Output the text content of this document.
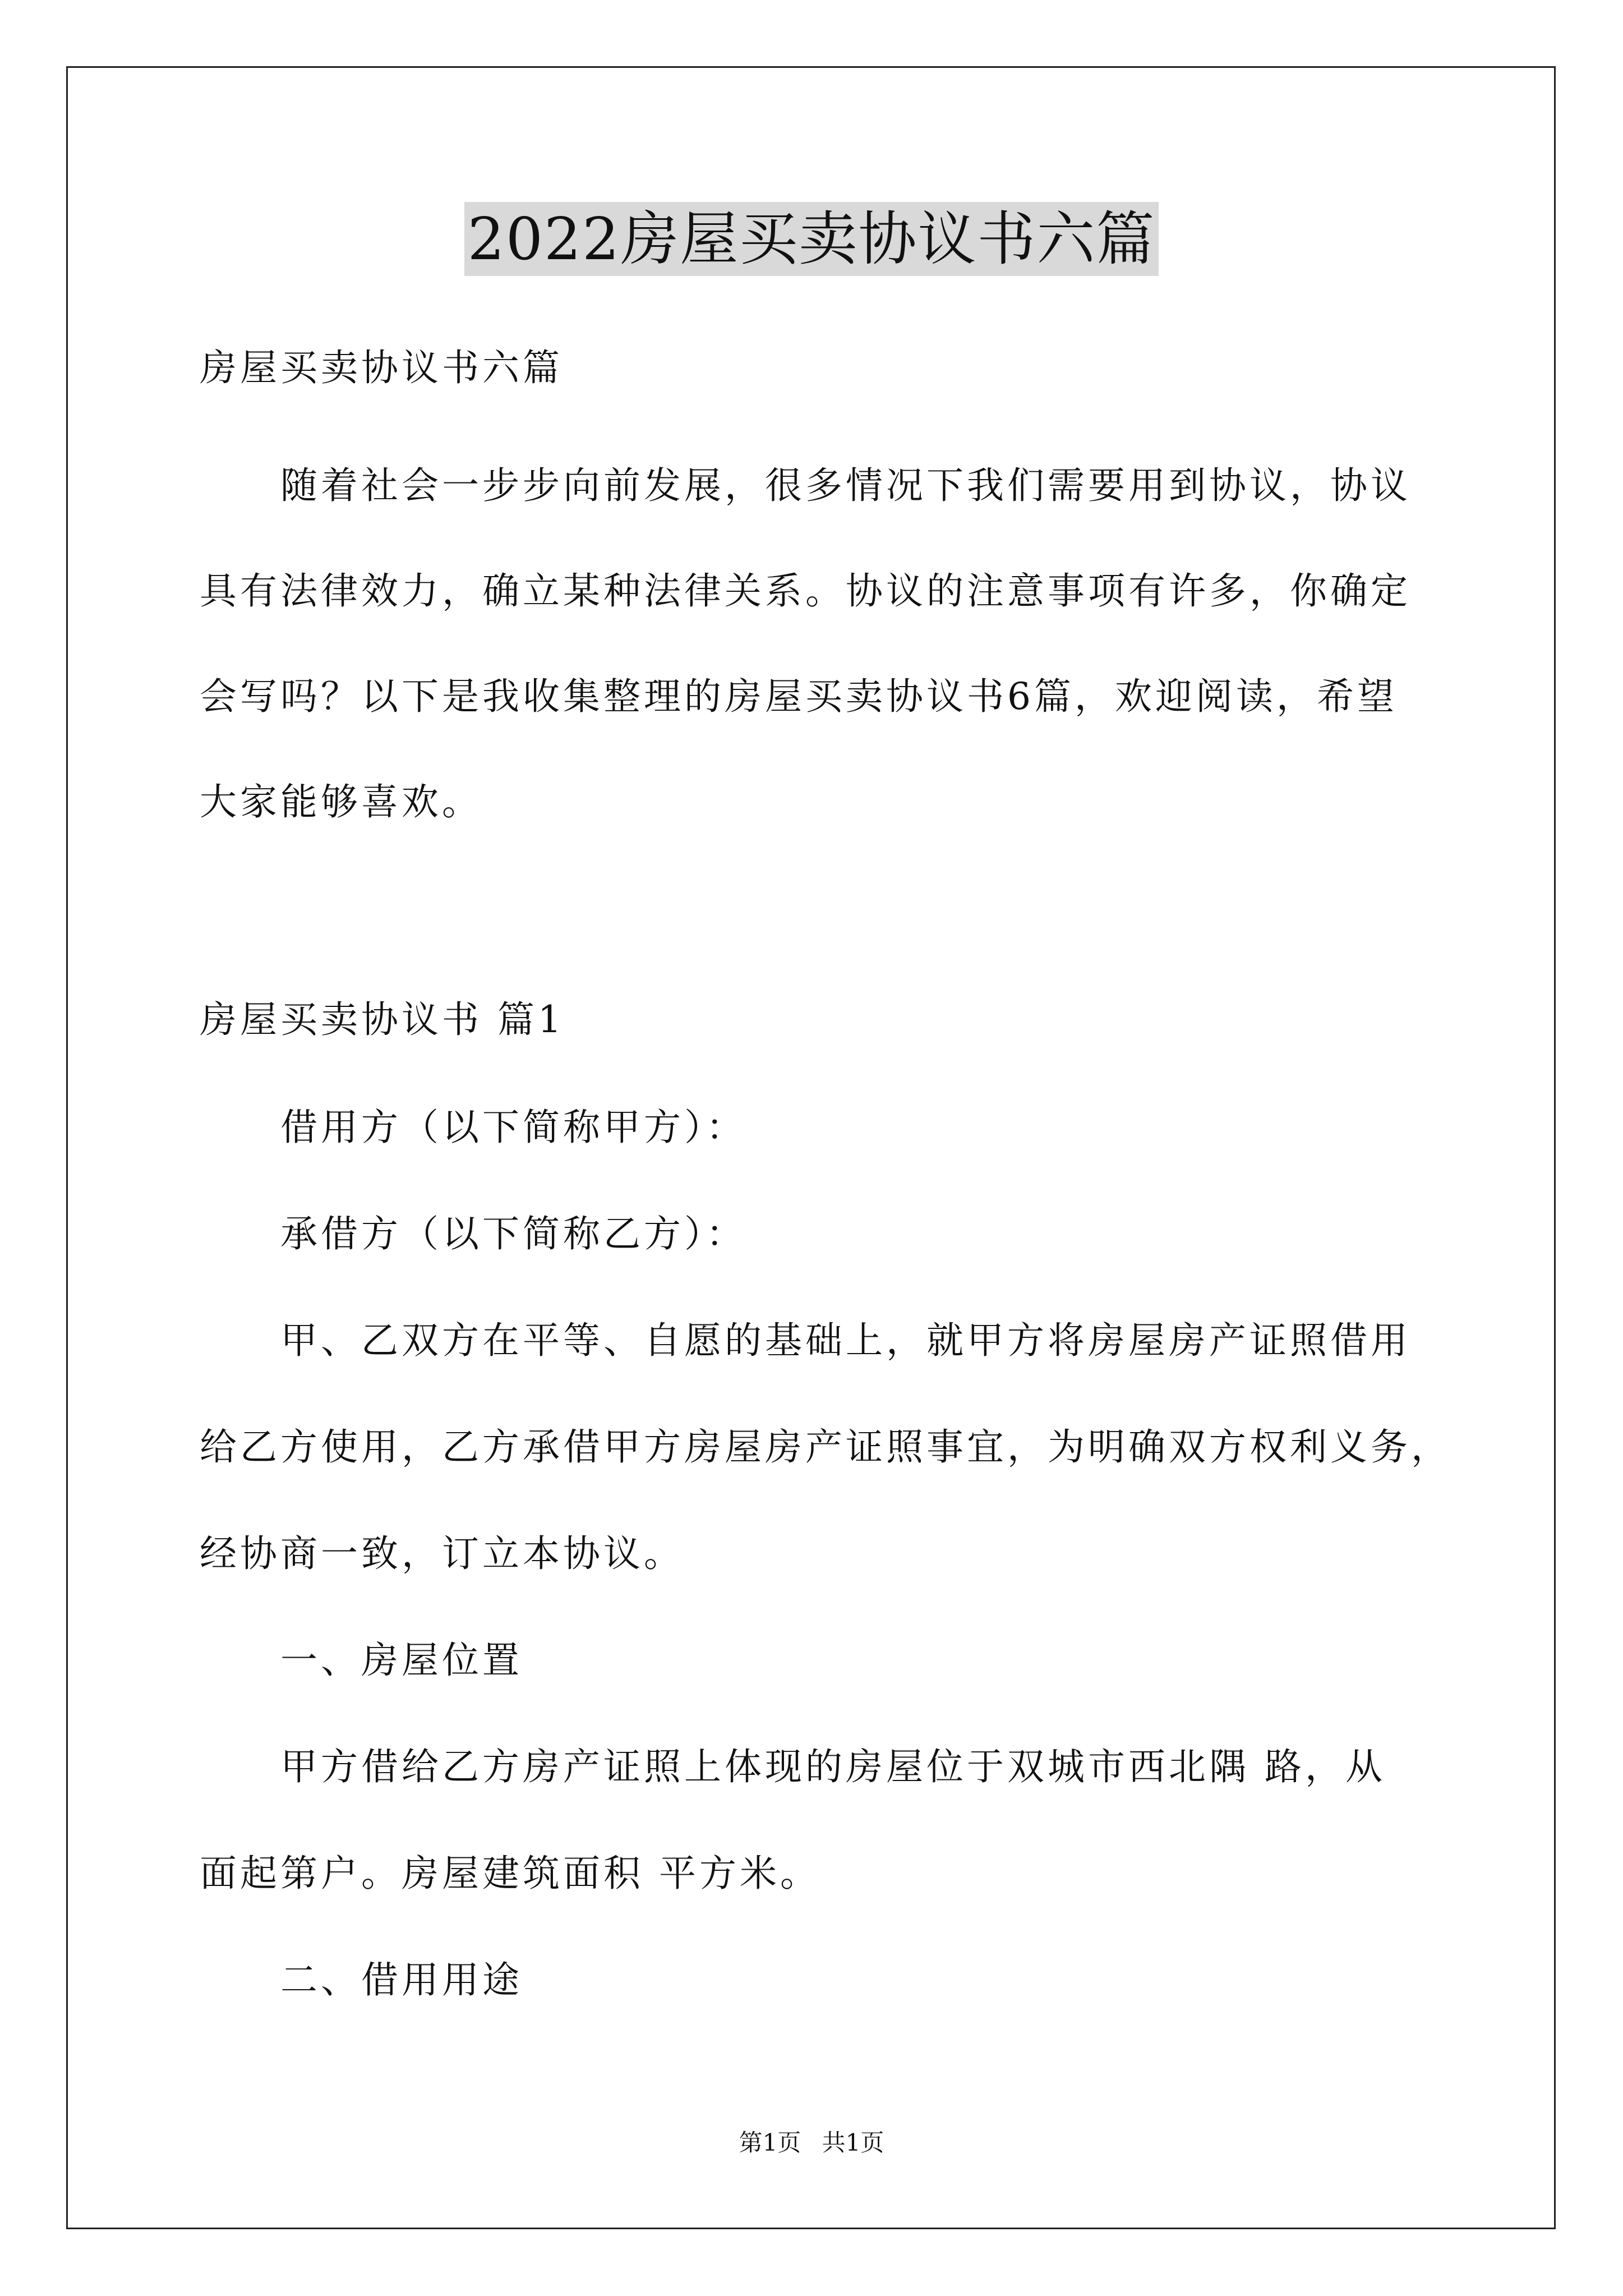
2022房屋买卖协议书六篇
房屋买卖协议书六篇
随着社会一步步向前发展，很多情况下我们需要用到协议，协议
具有法律效力，确立某种法律关系。协议的注意事项有许多，你确定
会写吗？以下是我收集整理的房屋买卖协议书6篇，欢迎阅读，希望
大家能够喜欢。
房屋买卖协议书 篇1
借用方（以下简称甲方）：
承借方（以下简称乙方）：
甲、乙双方在平等、自愿的基础上，就甲方将房屋房产证照借用
给乙方使用，乙方承借甲方房屋房产证照事宜，为明确双方权利义务，
经协商一致，订立本协议。
一、房屋位置
甲方借给乙方房产证照上体现的房屋位于双城市西北隅 路，从
面起第户。房屋建筑面积 平方米。
二、借用用途
第1页 共1页
